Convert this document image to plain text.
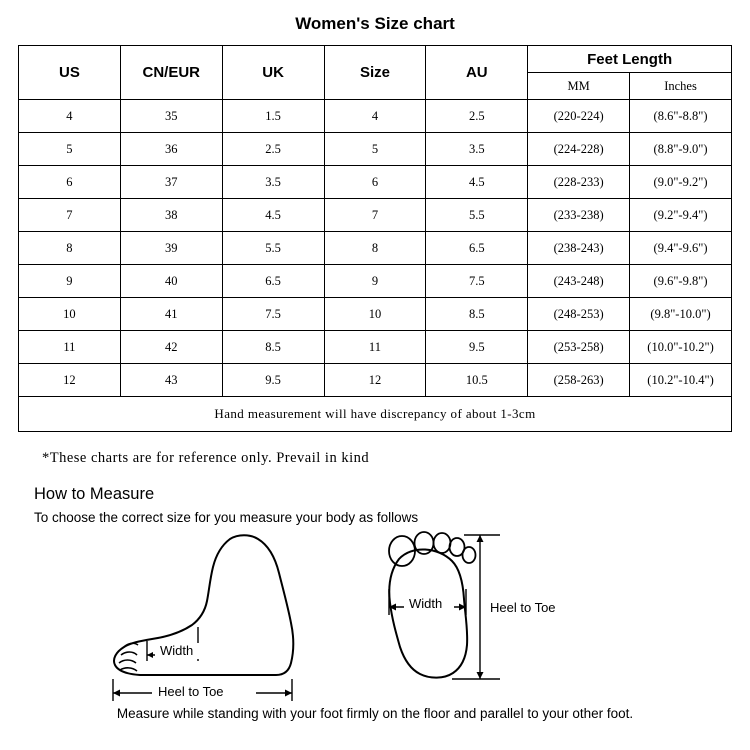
Women's Size chart
US	CN/EUR	UK	Size	AU	Feet Length	
					MM	Inches
4	35	1.5	4	2.5	(220-224)	(8.6"-8.8")
5	36	2.5	5	3.5	(224-228)	(8.8"-9.0")
6	37	3.5	6	4.5	(228-233)	(9.0"-9.2")
7	38	4.5	7	5.5	(233-238)	(9.2"-9.4")
8	39	5.5	8	6.5	(238-243)	(9.4"-9.6")
9	40	6.5	9	7.5	(243-248)	(9.6"-9.8")
10	41	7.5	10	8.5	(248-253)	(9.8"-10.0")
11	42	8.5	11	9.5	(253-258)	(10.0"-10.2")
12	43	9.5	12	10.5	(258-263)	(10.2"-10.4")
Hand measurement will have discrepancy of about 1-3cm						
*These charts are for reference only. Prevail in kind
How to Measure
To choose the correct size for you measure your body as follows
Width
Heel to Toe
Width	Heel to Toe
Measure while standing with your foot firmly on the floor and parallel to your other foot.
